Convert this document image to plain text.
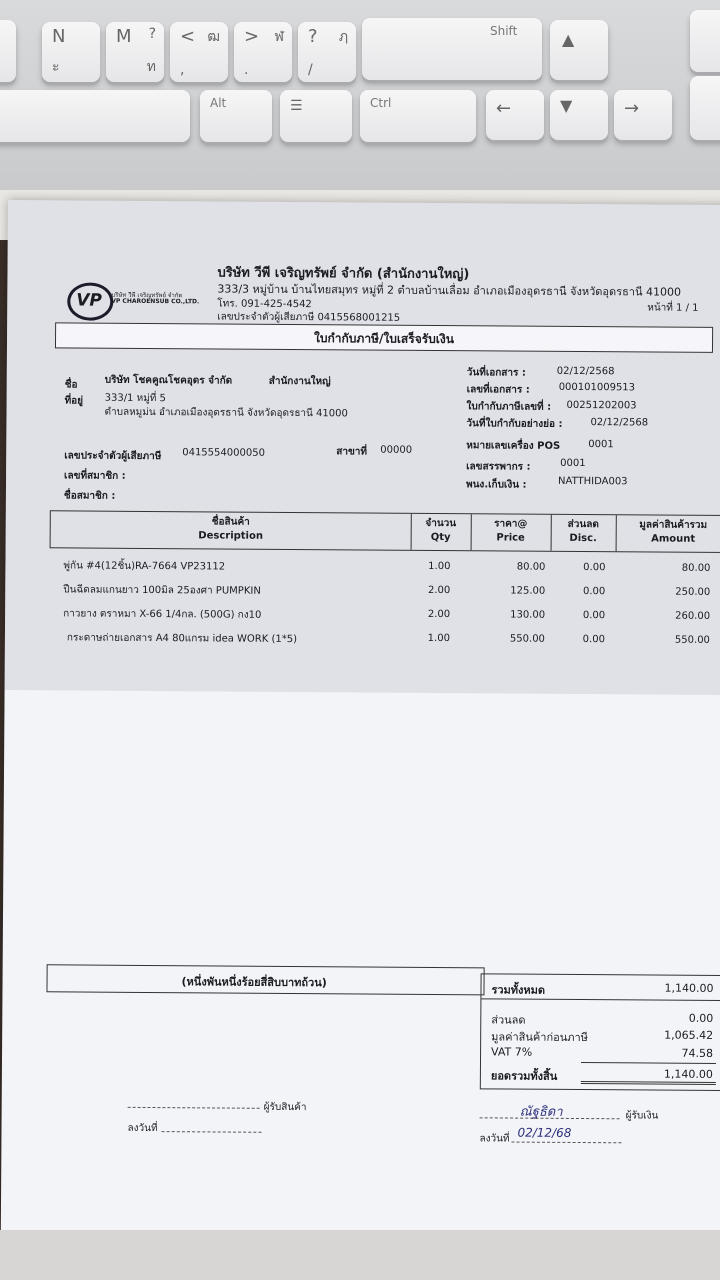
N
ะ
M ?
ท
< ฒ
,
> ฬ
.
? ฦ
/
Shift	▲
Alt	☰	Ctrl	←	▼	→
VP บริษัท วีพี เจริญทรัพย์ จำกัด
VP CHAROENSUB CO.,LTD.
บริษัท วีพี เจริญทรัพย์ จำกัด (สำนักงานใหญ่)
333/3 หมู่บ้าน บ้านไทยสมุทร หมู่ที่ 2 ตำบลบ้านเลื่อม อำเภอเมืองอุดรธานี จังหวัดอุดรธานี 41000
โทร. 091-425-4542
เลขประจำตัวผู้เสียภาษี 0415568001215
หน้าที่ 1 / 1
ใบกำกับภาษี/ใบเสร็จรับเงิน
ชื่อ	บริษัท โชคคูณโชคอุดร จำกัด	สำนักงานใหญ่
ที่อยู่ 333/1 หมู่ที่ 5
ตำบลหมูม่น อำเภอเมืองอุดรธานี จังหวัดอุดรธานี 41000
เลขประจำตัวผู้เสียภาษี 0415554000050	สาขาที่ 00000
เลขที่สมาชิก :
ชื่อสมาชิก :
วันที่เอกสาร :	02/12/2568
เลขที่เอกสาร :	000101009513
ใบกำกับภาษีเลขที่ : 00251202003
วันที่ใบกำกับอย่างย่อ :	02/12/2568
หมายเลขเครื่อง POS	0001
เลขสรรพากร :	0001
พนง.เก็บเงิน :	NATTHIDA003
ชื่อสินค้า
Description
จำนวน
Qty
ราคา@
Price
ส่วนลด
Disc.
มูลค่าสินค้ารวม
Amount
พู่กัน #4(12ชิ้น)RA-7664 VP23112	1.00	80.00	0.00	80.00
ปืนฉีดลมแกนยาว 100มิล 25องศา PUMPKIN	2.00	125.00	0.00	250.00
กาวยาง ตราหมา X-66 1/4กล. (500G) กง10	2.00	130.00	0.00	260.00
กระดาษถ่ายเอกสาร A4 80แกรม idea WORK (1*5)	1.00	550.00	0.00	550.00
(หนึ่งพันหนึ่งร้อยสี่สิบบาทถ้วน)
รวมทั้งหมด	1,140.00
ส่วนลด	0.00
มูลค่าสินค้าก่อนภาษี	1,065.42
VAT 7%	74.58
ยอดรวมทั้งสิ้น	1,140.00
ผู้รับสินค้า
ลงวันที่
ณัฐธิดา	ผู้รับเงิน
ลงวันที่ 02/12/68
